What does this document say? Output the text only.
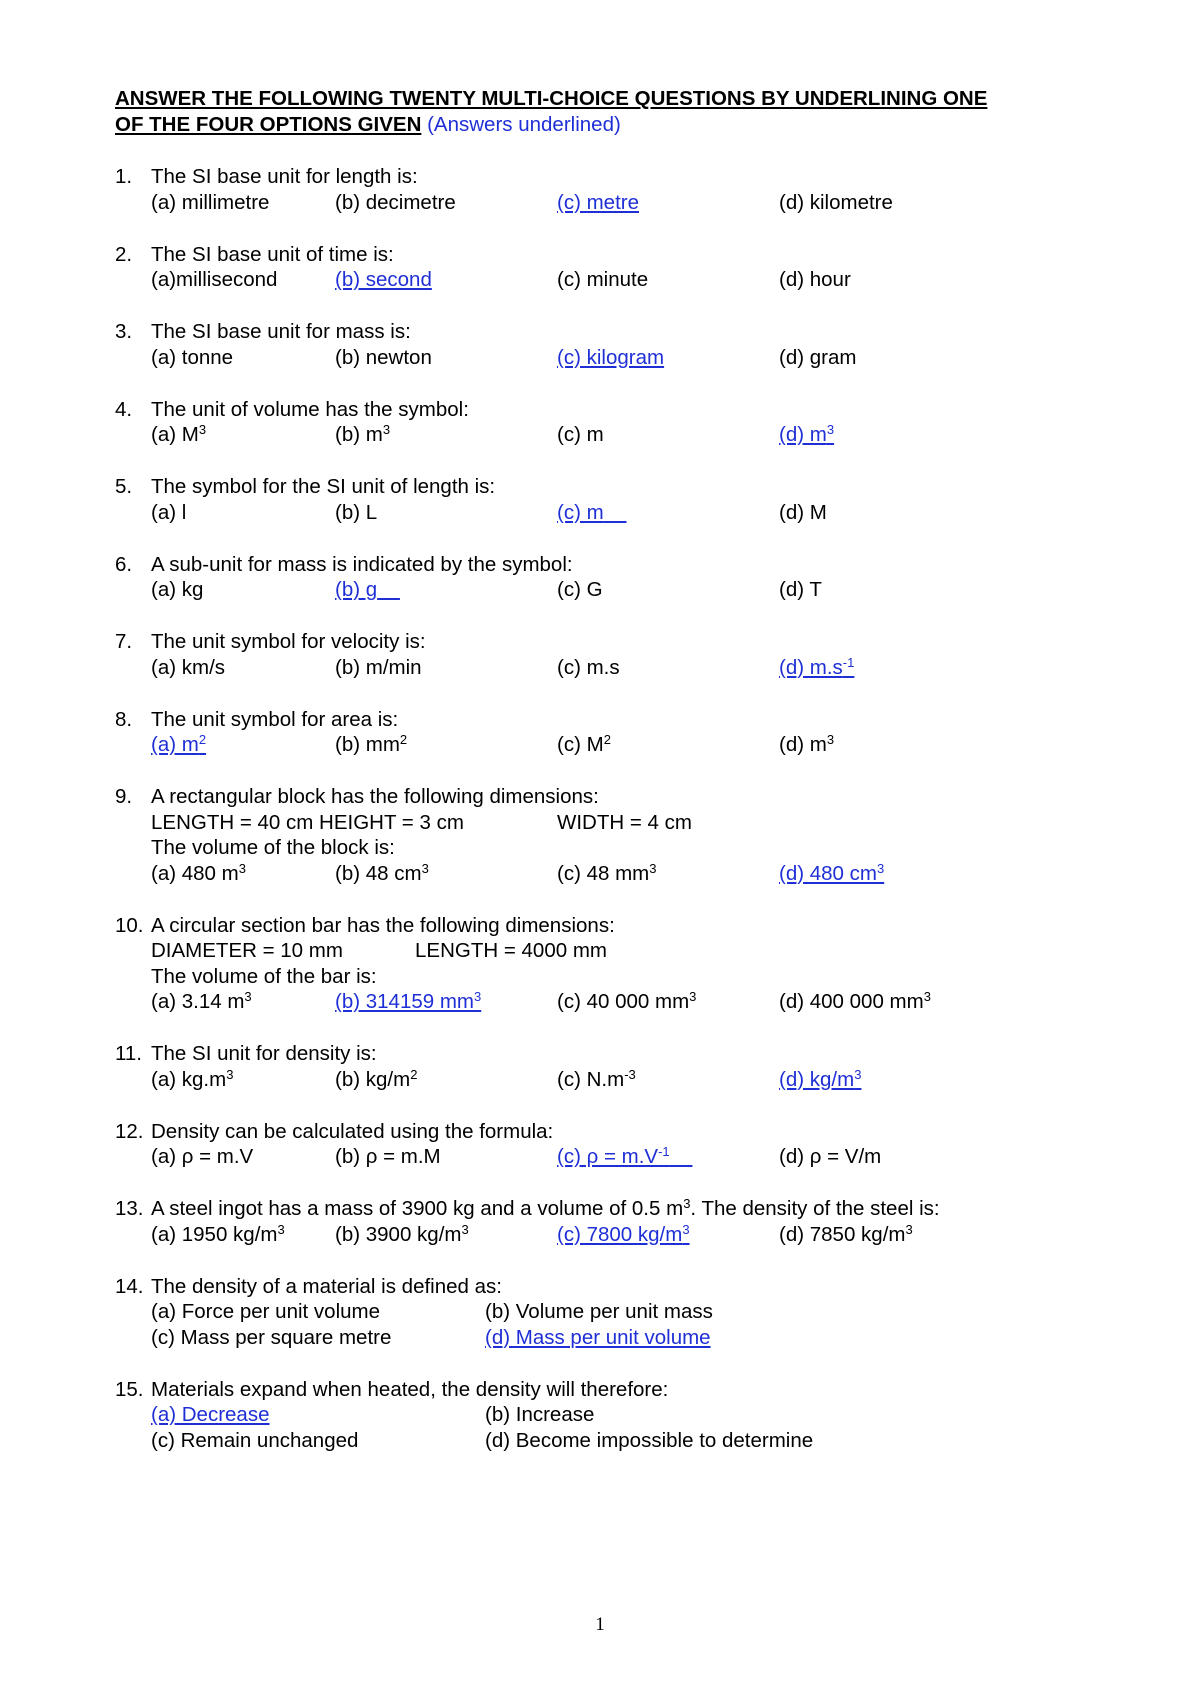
ANSWER THE FOLLOWING TWENTY MULTI-CHOICE QUESTIONS BY UNDERLINING ONE
OF THE FOUR OPTIONS GIVEN (Answers underlined)
1. The SI base unit for length is:
(a) millimetre	(b) decimetre	(c) metre	(d) kilometre
2. The SI base unit of time is:
(a)millisecond	(b) second	(c) minute	(d) hour
3. The SI base unit for mass is:
(a) tonne	(b) newton	(c) kilogram	(d) gram
4. The unit of volume has the symbol:
(a) $M^3$	(b) $m^3$	(c) m	(d) $m^3$
5. The symbol for the SI unit of length is:
(a) l	(b) L	(c) m	(d) M
6. A sub-unit for mass is indicated by the symbol:
(a) kg	(b) g	(c) G	(d) T
7. The unit symbol for velocity is:
(a) km/s	(b) m/min	(c) m.s	(d) $m.s^{-1}$
8. The unit symbol for area is:
(a) $m^2$	(b) $mm^2$	(c) $M^2$	(d) $m^3$
9. A rectangular block has the following dimensions:
LENGTH = 40 cm HEIGHT = 3 cm	WIDTH = 4 cm
The volume of the block is:
(a) 480 $m^3$	(b) 48 $cm^3$	(c) 48 $mm^3$	(d) 480 $cm^3$
10. A circular section bar has the following dimensions:
DIAMETER = 10 mm	LENGTH = 4000 mm
The volume of the bar is:
(a) 3.14 $m^3$	(b) 314159 $mm^3$	(c) 40 000 $mm^3$	(d) 400 000 $mm^3$
11. The SI unit for density is:
(a) $kg.m^3$	(b) $kg/m^2$	(c) $N.m^{-3}$	(d) $kg/m^3$
12. Density can be calculated using the formula:
(a) ρ = m.V	(b) ρ = m.M	(c) $\rho = m.V^{-1}$	(d) ρ = V/m
13. A steel ingot has a mass of 3900 kg and a volume of 0.5 $m^3$. The density of the steel is:
(a) 1950 $kg/m^3$ (b) 3900 $kg/m^3$	(c) 7800 $kg/m^3$	(d) 7850 $kg/m^3$
14. The density of a material is defined as:
(a) Force per unit volume	(b) Volume per unit mass
(c) Mass per square metre	(d) Mass per unit volume
15. Materials expand when heated, the density will therefore:
(a) Decrease	(b) Increase
(c) Remain unchanged	(d) Become impossible to determine
1
